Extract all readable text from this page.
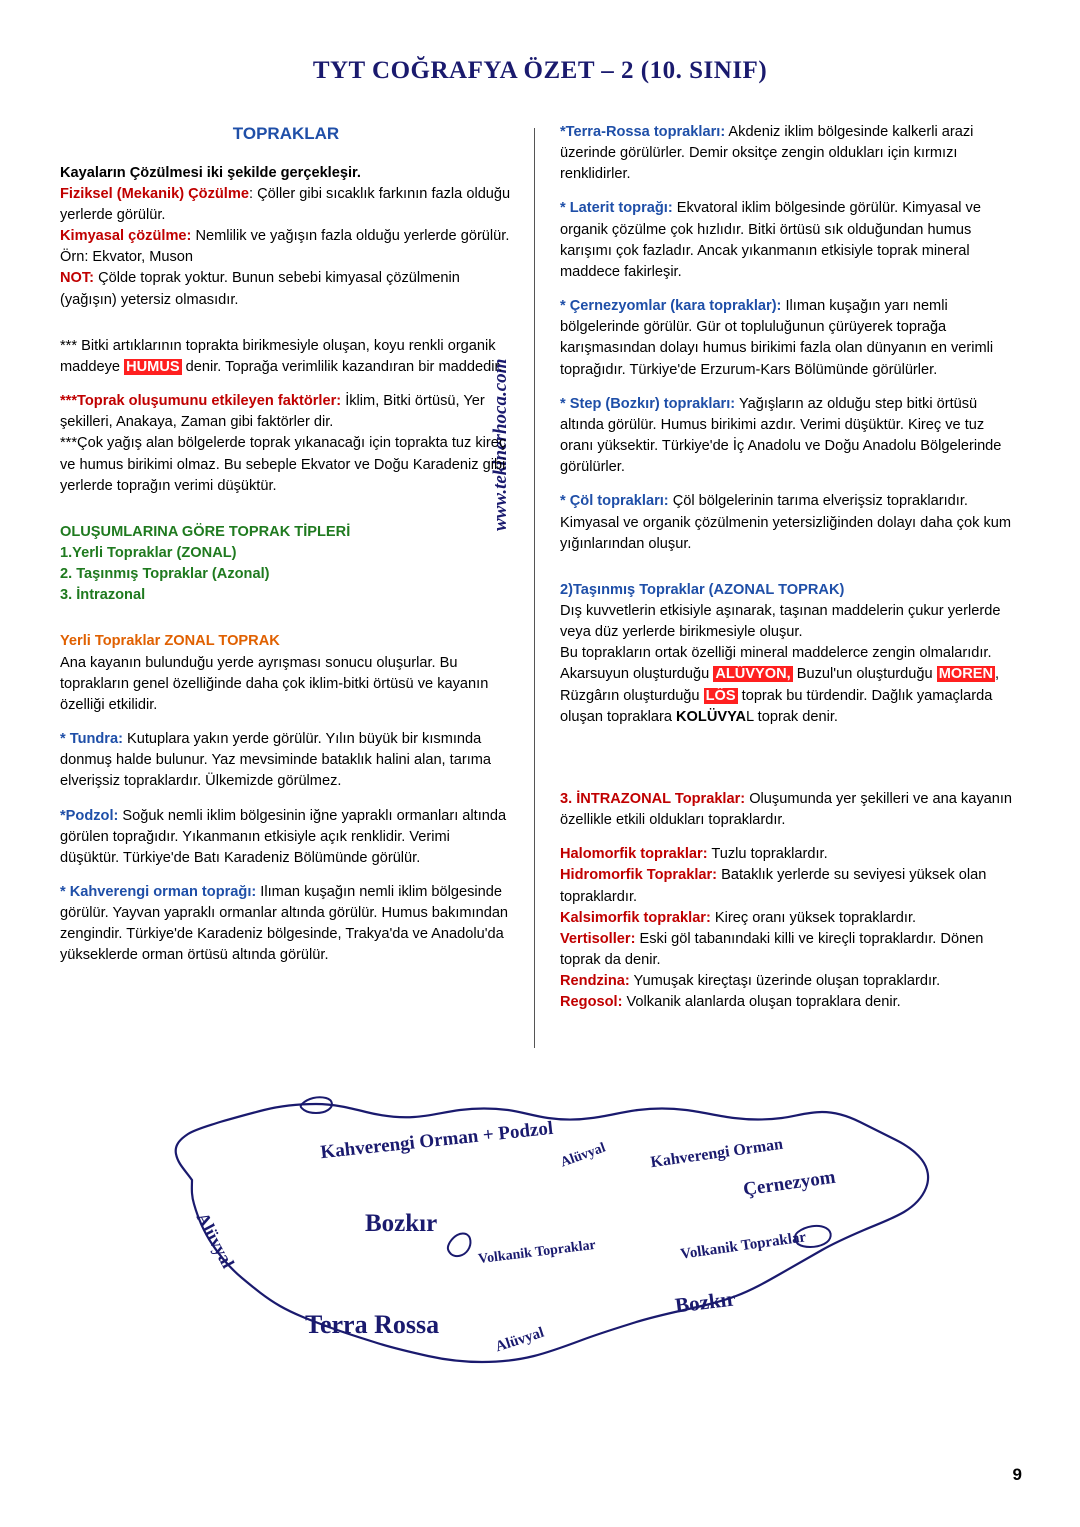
TYT COĞRAFYA ÖZET – 2 (10. SINIF)
www.tekinerhoca.com
TOPRAKLAR

Kayaların Çözülmesi iki şekilde gerçekleşir.

Fiziksel (Mekanik) Çözülme: Çöller gibi sıcaklık farkının fazla olduğu yerlerde görülür.

Kimyasal çözülme: Nemlilik ve yağışın fazla olduğu yerlerde görülür. Örn: Ekvator, Muson

NOT: Çölde toprak yoktur. Bunun sebebi kimyasal çözülmenin (yağışın) yetersiz olmasıdır.

*** Bitki artıklarının toprakta birikmesiyle oluşan, koyu renkli organik maddeye HUMUS denir. Toprağa verimlilik kazandıran bir maddedir.

***Toprak oluşumunu etkileyen faktörler: İklim, Bitki örtüsü, Yer şekilleri, Anakaya, Zaman gibi faktörler dir.

***Çok yağış alan bölgelerde toprak yıkanacağı için toprakta tuz kireç ve humus birikimi olmaz. Bu sebeple Ekvator ve Doğu Karadeniz gibi yerlerde toprağın verimi düşüktür.

OLUŞUMLARINA GÖRE TOPRAK TİPLERİ

1.Yerli Topraklar (ZONAL)

2. Taşınmış Topraklar (Azonal)

3. İntrazonal

Yerli Topraklar ZONAL TOPRAK

Ana kayanın bulunduğu yerde ayrışması sonucu oluşurlar. Bu toprakların genel özelliğinde daha çok iklim-bitki örtüsü ve kayanın özelliği etkilidir.

* Tundra: Kutuplara yakın yerde görülür. Yılın büyük bir kısmında donmuş halde bulunur. Yaz mevsiminde bataklık halini alan, tarıma elverişsiz topraklardır. Ülkemizde görülmez.

*Podzol: Soğuk nemli iklim bölgesinin iğne yapraklı ormanları altında görülen toprağıdır. Yıkanmanın etkisiyle açık renklidir. Verimi düşüktür. Türkiye'de Batı Karadeniz Bölümünde görülür.

* Kahverengi orman toprağı: Ilıman kuşağın nemli iklim bölgesinde görülür. Yayvan yapraklı ormanlar altında görülür. Humus bakımından zengindir. Türkiye'de Karadeniz bölgesinde, Trakya'da ve Anadolu'da yükseklerde orman örtüsü altında görülür.

*Terra-Rossa toprakları: Akdeniz iklim bölgesinde kalkerli arazi üzerinde görülürler. Demir oksitçe zengin oldukları için kırmızı renklidirler.

* Laterit toprağı: Ekvatoral iklim bölgesinde görülür. Kimyasal ve organik çözülme çok hızlıdır. Bitki örtüsü sık olduğundan humus karışımı çok fazladır. Ancak yıkanmanın etkisiyle toprak mineral maddece fakirleşir.

* Çernezyomlar (kara topraklar): Ilıman kuşağın yarı nemli bölgelerinde görülür. Gür ot topluluğunun çürüyerek toprağa karışmasından dolayı humus birikimi fazla olan dünyanın en verimli toprağıdır. Türkiye'de Erzurum-Kars Bölümünde görülürler.

* Step (Bozkır) toprakları: Yağışların az olduğu step bitki örtüsü altında görülür. Humus birikimi azdır. Verimi düşüktür. Kireç ve tuz oranı yüksektir. Türkiye'de İç Anadolu ve Doğu Anadolu Bölgelerinde görülürler.

* Çöl toprakları: Çöl bölgelerinin tarıma elverişsiz topraklarıdır. Kimyasal ve organik çözülmenin yetersizliğinden dolayı daha çok kum yığınlarından oluşur.

2)Taşınmış Topraklar (AZONAL TOPRAK)

Dış kuvvetlerin etkisiyle aşınarak, taşınan maddelerin çukur yerlerde veya düz yerlerde birikmesiyle oluşur.

Bu toprakların ortak özelliği mineral maddelerce zengin olmalarıdır. Akarsuyun oluşturduğu ALÜVYON, Buzul'un oluşturduğu MOREN , Rüzgârın oluşturduğu LÖS toprak bu türdendir. Dağlık yamaçlarda oluşan topraklara KOLÜVYAL toprak denir.

3. İNTRAZONAL Topraklar: Oluşumunda yer şekilleri ve ana kayanın özellikle etkili oldukları topraklardır.

Halomorfik topraklar: Tuzlu topraklardır.

Hidromorfik Topraklar: Bataklık yerlerde su seviyesi yüksek olan topraklardır.

Kalsimorfik topraklar: Kireç oranı yüksek topraklardır.

Vertisoller: Eski göl tabanındaki killi ve kireçli topraklardır. Dönen toprak da denir.

Rendzina: Yumuşak kireçtaşı üzerinde oluşan topraklardır.

Regosol: Volkanik alanlarda oluşan topraklara denir.

Kahverengi Orman + Podzol Alüvyal	Kahverengi Orman
Çernezyom
Alüvyal	Bozkır
Volkanik Topraklar	Volkanik Topraklar
Bozkır
Terra Rossa
Alüvyal
9
